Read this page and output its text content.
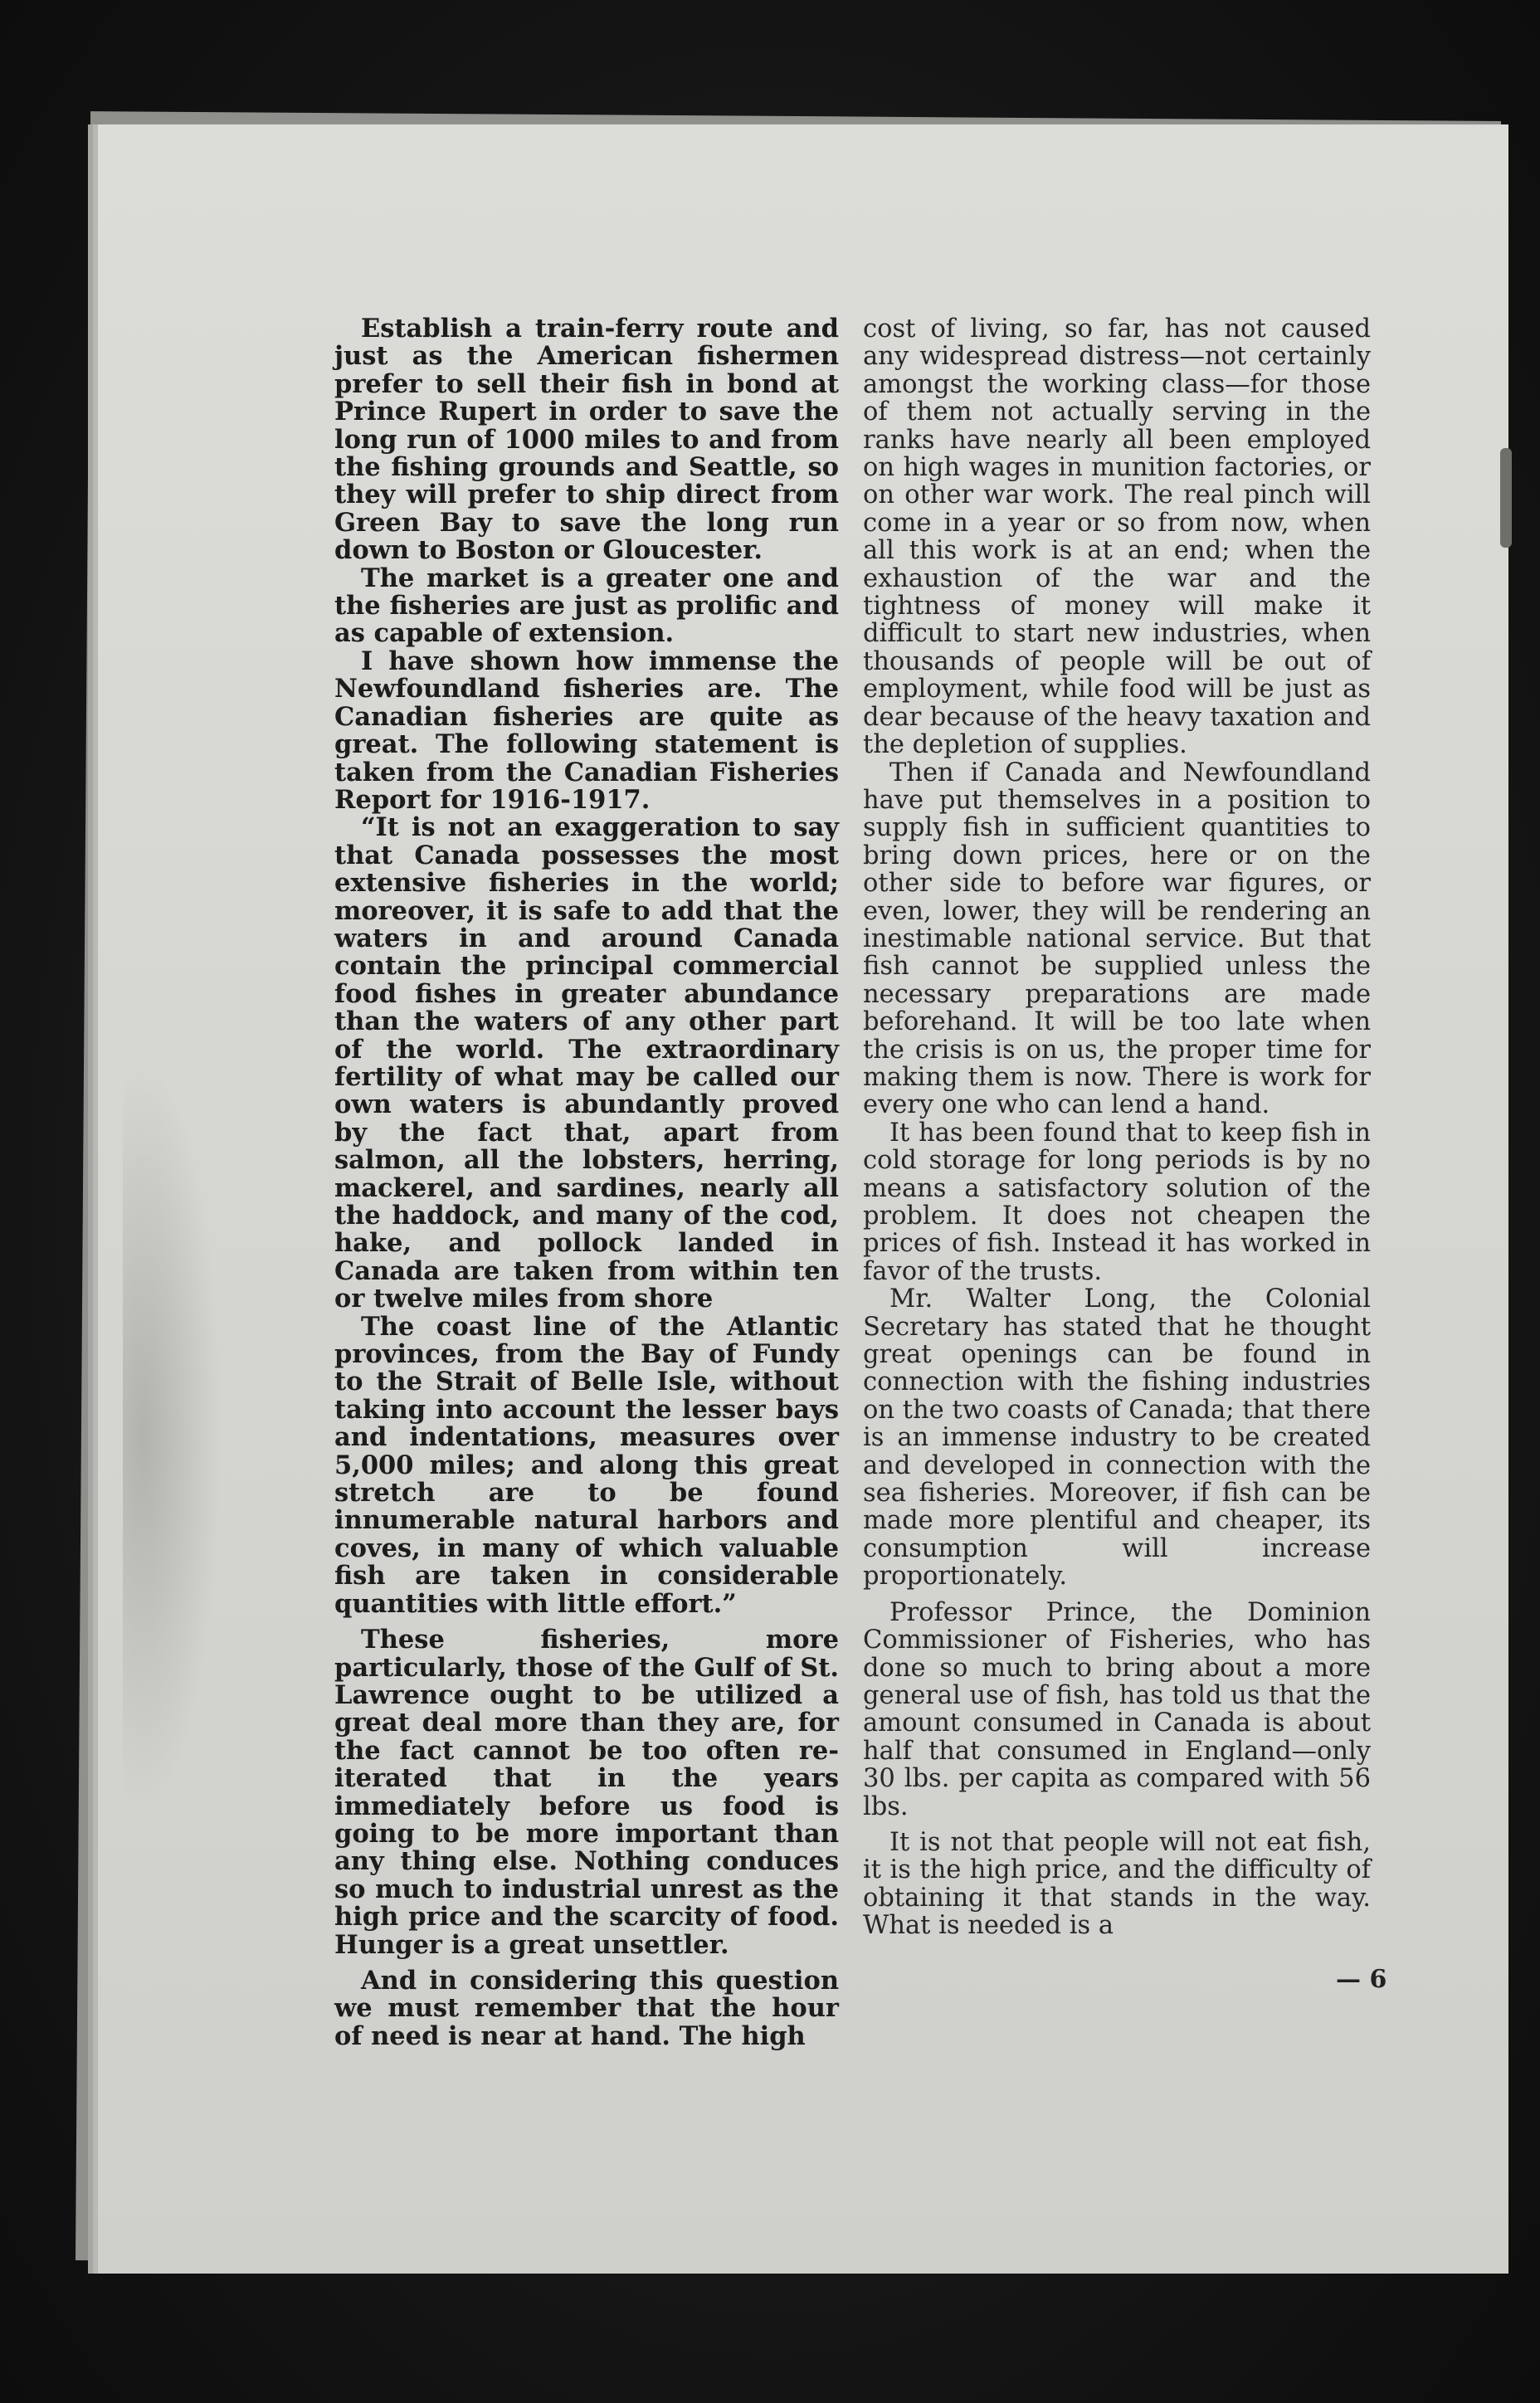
Establish a train-ferry route and just as the American fishermen prefer to sell their fish in bond at Prince Rupert in order to save the long run of 1000 miles to and from the fishing grounds and Seattle, so they will prefer to ship direct from Green Bay to save the long run down to Boston or Gloucester.

The market is a greater one and the fisheries are just as prolific and as capable of extension.

I have shown how immense the Newfoundland fisheries are. The Canadian fisheries are quite as great. The following statement is taken from the Canadian Fisheries Report for 1916-1917.

“It is not an exaggeration to say that Canada possesses the most extensive fisheries in the world; moreover, it is safe to add that the waters in and around Canada contain the principal commercial food fishes in greater abundance than the waters of any other part of the world. The extraordinary fertility of what may be called our own waters is abundantly proved by the fact that, apart from salmon, all the lobsters, herring, mackerel, and sardines, nearly all the haddock, and many of the cod, hake, and pollock landed in Canada are taken from within ten or twelve miles from shore

The coast line of the Atlantic provinces, from the Bay of Fundy to the Strait of Belle Isle, without taking into account the lesser bays and indentations, measures over 5,000 miles; and along this great stretch are to be found innumerable natural harbors and coves, in many of which valuable fish are taken in considerable quantities with little effort.”

These fisheries, more particularly, those of the Gulf of St. Lawrence ought to be utilized a great deal more than they are, for the fact cannot be too often re-iterated that in the years immediately before us food is going to be more important than any thing else. Nothing conduces so much to industrial unrest as the high price and the scarcity of food. Hunger is a great unsettler.

And in considering this question we must remember that the hour of need is near at hand. The high

cost of living, so far, has not caused any widespread distress—not certainly amongst the working class—for those of them not actually serving in the ranks have nearly all been employed on high wages in munition factories, or on other war work. The real pinch will come in a year or so from now, when all this work is at an end; when the exhaustion of the war and the tightness of money will make it difficult to start new industries, when thousands of people will be out of employment, while food will be just as dear because of the heavy taxation and the depletion of supplies.

Then if Canada and Newfoundland have put themselves in a position to supply fish in sufficient quantities to bring down prices, here or on the other side to before war figures, or even, lower, they will be rendering an inestimable national service. But that fish cannot be supplied unless the necessary preparations are made beforehand. It will be too late when the crisis is on us, the proper time for making them is now. There is work for every one who can lend a hand.

It has been found that to keep fish in cold storage for long periods is by no means a satisfactory solution of the problem. It does not cheapen the prices of fish. Instead it has worked in favor of the trusts.

Mr. Walter Long, the Colonial Secretary has stated that he thought great openings can be found in connection with the fishing industries on the two coasts of Canada; that there is an immense industry to be created and developed in connection with the sea fisheries. Moreover, if fish can be made more plentiful and cheaper, its consumption will increase proportionately.

Professor Prince, the Dominion Commissioner of Fisheries, who has done so much to bring about a more general use of fish, has told us that the amount consumed in Canada is about half that consumed in England—only 30 lbs. per capita as compared with 56 lbs.

It is not that people will not eat fish, it is the high price, and the difficulty of obtaining it that stands in the way. What is needed is a

— 6
